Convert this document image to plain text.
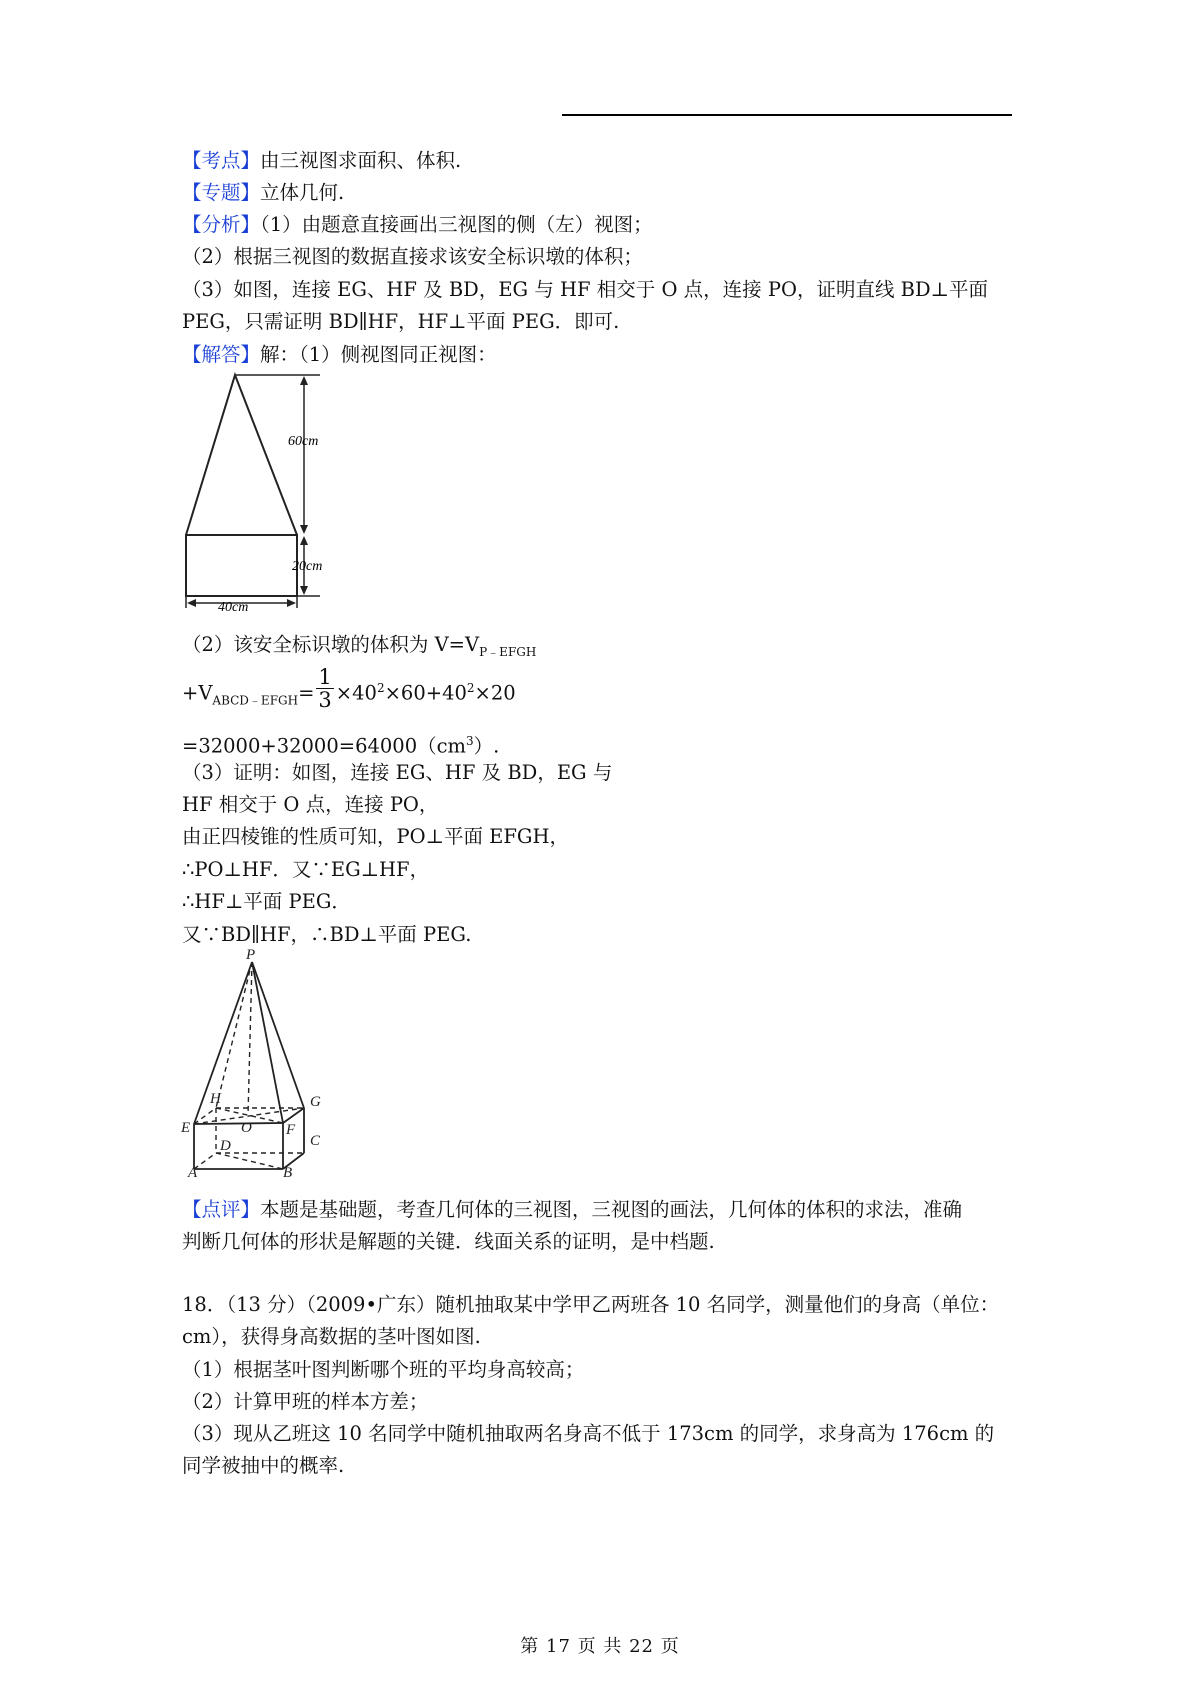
【考点】由三视图求面积、体积.
【专题】立体几何.
【分析】（1）由题意直接画出三视图的侧（左）视图；
（2）根据三视图的数据直接求该安全标识墩的体积；
（3）如图，连接 EG、HF 及 BD，EG 与 HF 相交于 O 点，连接 PO，证明直线 BD⊥平面
PEG，只需证明 BD∥HF，HF⊥平面 PEG．即可.
【解答】解：（1）侧视图同正视图：
60cm
20cm
40cm
（2）该安全标识墩的体积为 $V=V_{P﹣EFGH}$
$+V_{ABCD﹣EFGH}= \frac{1}{3} \times 40^2\times 60+40^2\times 20$
$=32000+32000=64000(cm^3)$.
（3）证明：如图，连接 EG、HF 及 BD，EG 与
HF 相交于 O 点，连接 PO，
由正四棱锥的性质可知，PO⊥平面 EFGH，
∴PO⊥HF．又∵EG⊥HF，
∴HF⊥平面 PEG．
又∵BD∥HF，∴BD⊥平面 PEG.
P
H	G
O
E	F
C
D
A	B
【点评】本题是基础题，考查几何体的三视图，三视图的画法，几何体的体积的求法，准确
判断几何体的形状是解题的关键．线面关系的证明，是中档题.
18．（13 分）（2009•广东）随机抽取某中学甲乙两班各 10 名同学，测量他们的身高（单位：
cm），获得身高数据的茎叶图如图.
（1）根据茎叶图判断哪个班的平均身高较高；
（2）计算甲班的样本方差；
（3）现从乙班这 10 名同学中随机抽取两名身高不低于 173cm 的同学，求身高为 176cm 的
同学被抽中的概率.
第 17 页 共 22 页
